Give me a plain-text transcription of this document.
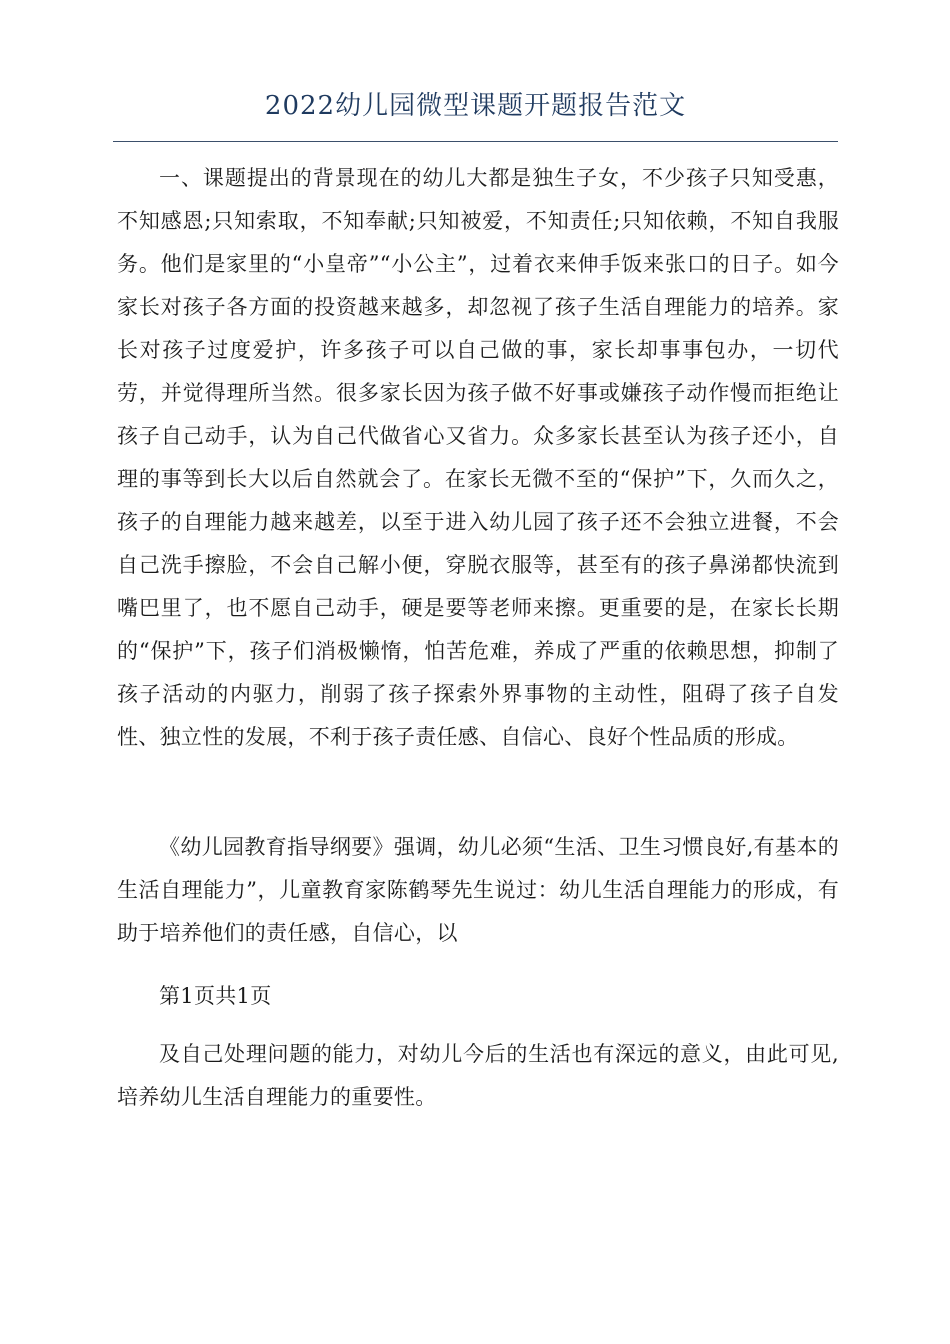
2022幼儿园微型课题开题报告范文

一、课题提出的背景现在的幼儿大都是独生子女，不少孩子只知受惠，不知感恩;只知索取，不知奉献;只知被爱，不知责任;只知依赖，不知自我服务。他们是家里的“小皇帝”“小公主”，过着衣来伸手饭来张口的日子。如今家长对孩子各方面的投资越来越多，却忽视了孩子生活自理能力的培养。家长对孩子过度爱护，许多孩子可以自己做的事，家长却事事包办，一切代劳，并觉得理所当然。很多家长因为孩子做不好事或嫌孩子动作慢而拒绝让孩子自己动手，认为自己代做省心又省力。众多家长甚至认为孩子还小，自理的事等到长大以后自然就会了。在家长无微不至的“保护”下，久而久之，孩子的自理能力越来越差，以至于进入幼儿园了孩子还不会独立进餐，不会自己洗手擦脸，不会自己解小便，穿脱衣服等，甚至有的孩子鼻涕都快流到嘴巴里了，也不愿自己动手，硬是要等老师来擦。更重要的是，在家长长期的“保护”下，孩子们消极懒惰，怕苦危难，养成了严重的依赖思想，抑制了孩子活动的内驱力，削弱了孩子探索外界事物的主动性，阻碍了孩子自发性、独立性的发展，不利于孩子责任感、自信心、良好个性品质的形成。

《幼儿园教育指导纲要》强调，幼儿必须“生活、卫生习惯良好,有基本的生活自理能力”，儿童教育家陈鹤琴先生说过：幼儿生活自理能力的形成，有助于培养他们的责任感，自信心，以

第1页共1页

及自己处理问题的能力，对幼儿今后的生活也有深远的意义，由此可见,培养幼儿生活自理能力的重要性。
